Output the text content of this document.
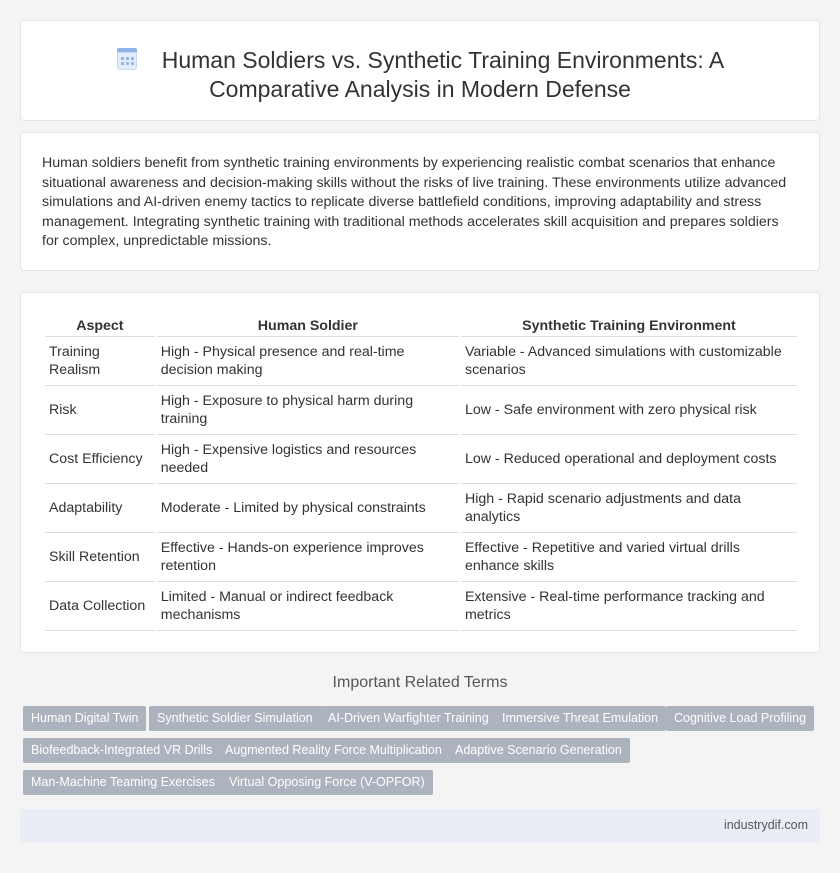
Human Soldiers vs. Synthetic Training Environments: A Comparative Analysis in Modern Defense

Human soldiers benefit from synthetic training environments by experiencing realistic combat scenarios that enhance situational awareness and decision-making skills without the risks of live training. These environments utilize advanced simulations and AI-driven enemy tactics to replicate diverse battlefield conditions, improving adaptability and stress management. Integrating synthetic training with traditional methods accelerates skill acquisition and prepares soldiers for complex, unpredictable missions.

Aspect	Human Soldier	Synthetic Training Environment
Training Realism	High - Physical presence and real-time decision making	Variable - Advanced simulations with customizable scenarios
Risk	High - Exposure to physical harm during training	Low - Safe environment with zero physical risk
Cost Efficiency	High - Expensive logistics and resources needed	Low - Reduced operational and deployment costs
Adaptability	Moderate - Limited by physical constraints	High - Rapid scenario adjustments and data analytics
Skill Retention	Effective - Hands-on experience improves retention	Effective - Repetitive and varied virtual drills enhance skills
Data Collection	Limited - Manual or indirect feedback mechanisms	Extensive - Real-time performance tracking and metrics
Important Related Terms
Human Digital Twin	Synthetic Soldier Simulation	AI-Driven Warfighter Training	Immersive Threat Emulation	Cognitive Load Profiling
Biofeedback-Integrated VR Drills	Augmented Reality Force Multiplication	Adaptive Scenario Generation
Man-Machine Teaming Exercises	Virtual Opposing Force (V-OPFOR)
industrydif.com
